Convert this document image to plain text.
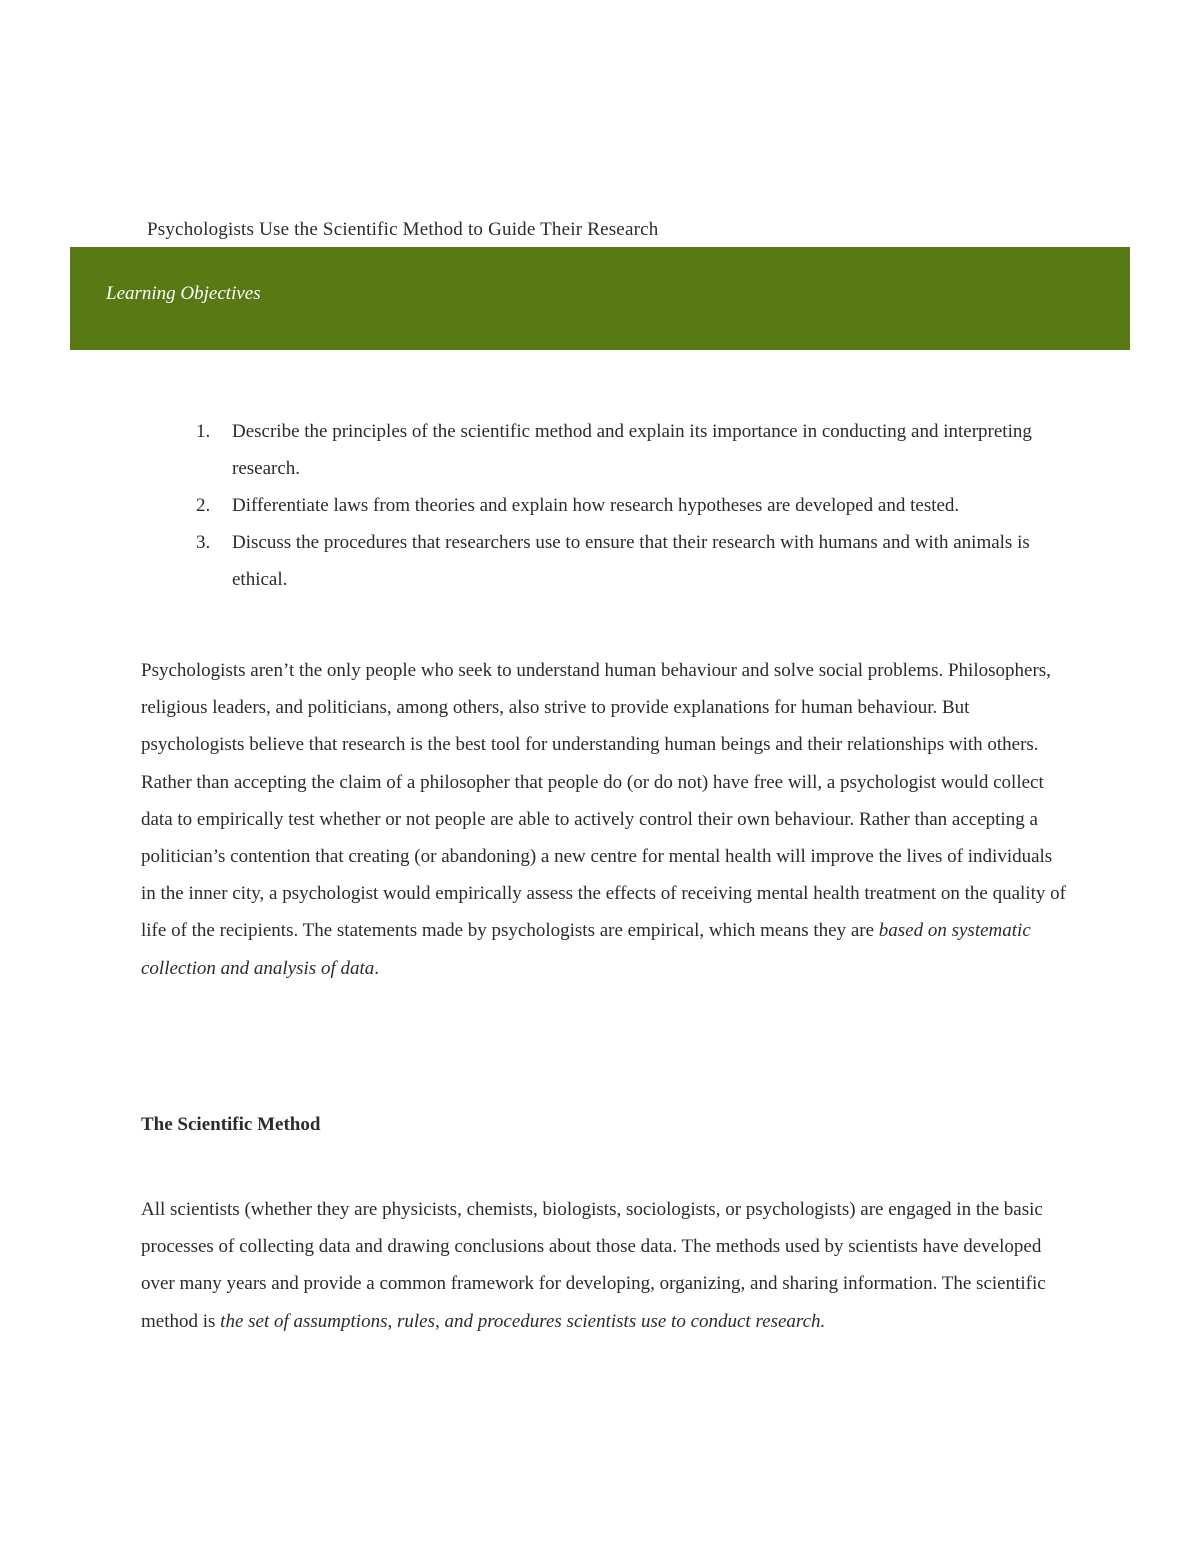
Psychologists Use the Scientific Method to Guide Their Research
Learning Objectives
1. Describe the principles of the scientific method and explain its importance in conducting and interpreting research.
2. Differentiate laws from theories and explain how research hypotheses are developed and tested.
3. Discuss the procedures that researchers use to ensure that their research with humans and with animals is ethical.

Psychologists aren’t the only people who seek to understand human behaviour and solve social problems. Philosophers, religious leaders, and politicians, among others, also strive to provide explanations for human behaviour. But psychologists believe that research is the best tool for understanding human beings and their relationships with others. Rather than accepting the claim of a philosopher that people do (or do not) have free will, a psychologist would collect data to empirically test whether or not people are able to actively control their own behaviour. Rather than accepting a politician’s contention that creating (or abandoning) a new centre for mental health will improve the lives of individuals in the inner city, a psychologist would empirically assess the effects of receiving mental health treatment on the quality of life of the recipients. The statements made by psychologists are empirical, which means they are based on systematic collection and analysis of data.

The Scientific Method

All scientists (whether they are physicists, chemists, biologists, sociologists, or psychologists) are engaged in the basic processes of collecting data and drawing conclusions about those data. The methods used by scientists have developed over many years and provide a common framework for developing, organizing, and sharing information. The scientific method is the set of assumptions, rules, and procedures scientists use to conduct research.
